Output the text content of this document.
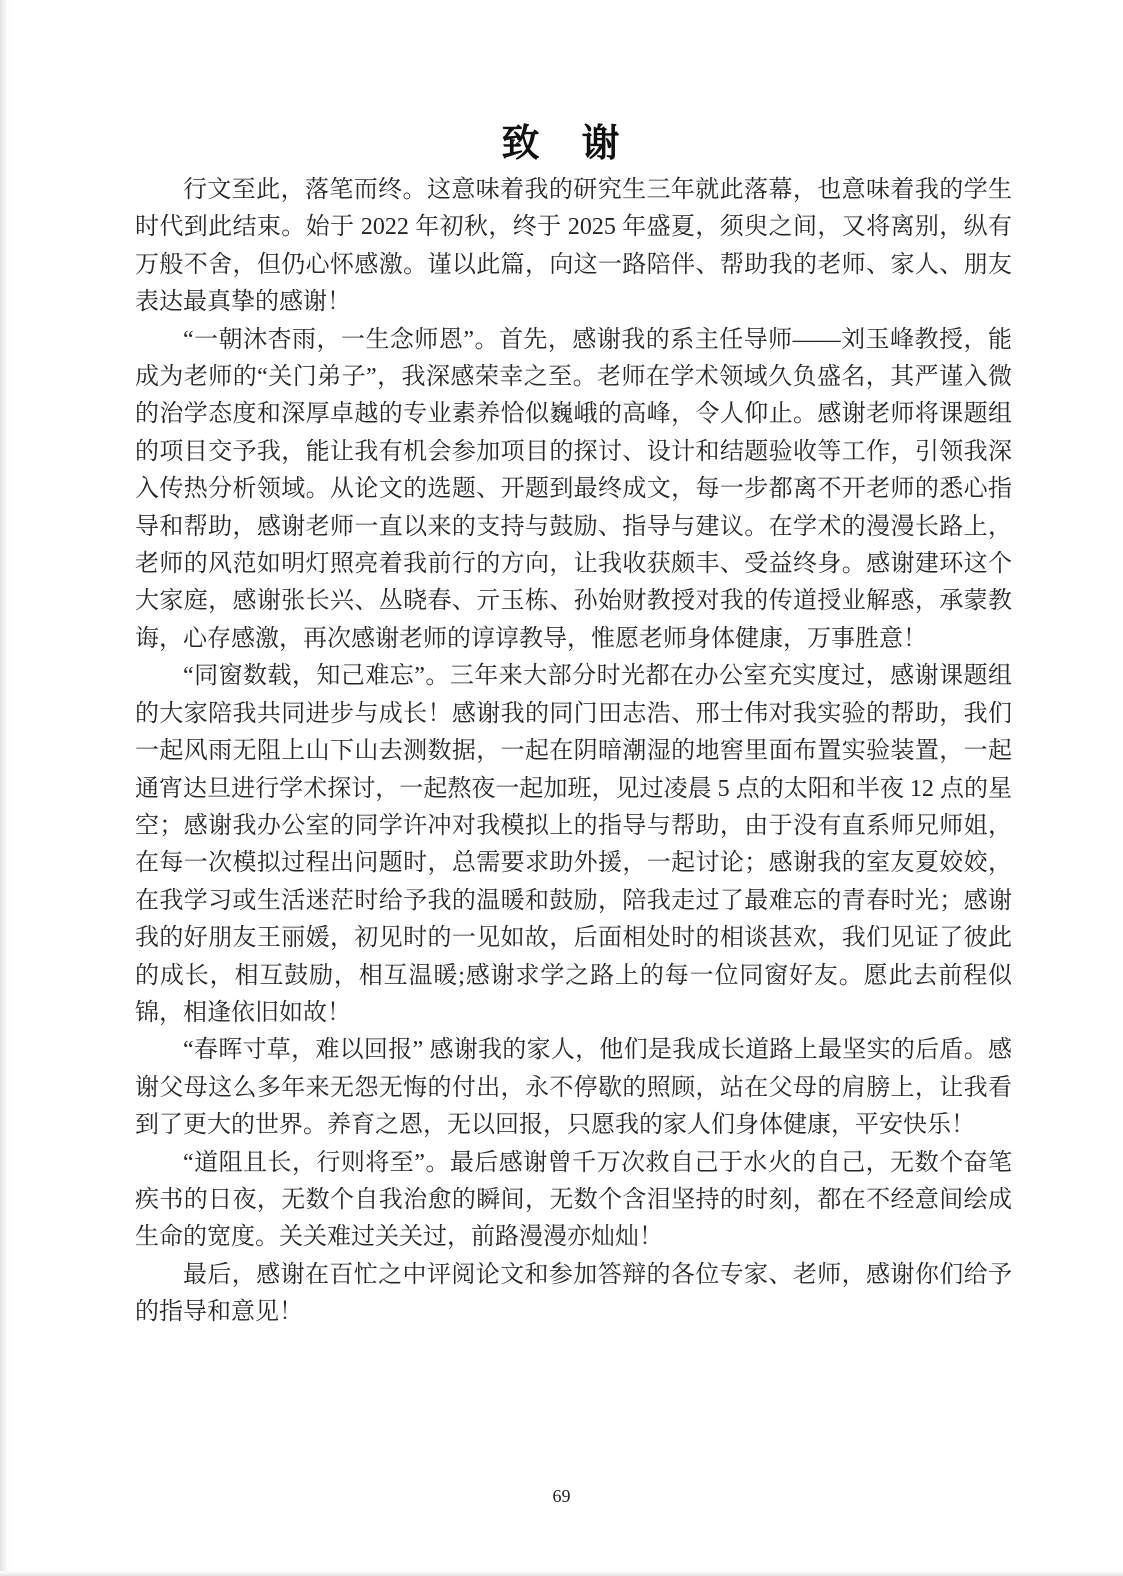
致　谢

行文至此，落笔而终。这意味着我的研究生三年就此落幕，也意味着我的学生时代到此结束。始于 2022 年初秋，终于 2025 年盛夏，须臾之间，又将离别，纵有万般不舍，但仍心怀感激。谨以此篇，向这一路陪伴、帮助我的老师、家人、朋友表达最真挚的感谢！

“一朝沐杏雨，一生念师恩”。首先，感谢我的系主任导师——刘玉峰教授，能成为老师的“关门弟子”，我深感荣幸之至。老师在学术领域久负盛名，其严谨入微的治学态度和深厚卓越的专业素养恰似巍峨的高峰，令人仰止。感谢老师将课题组的项目交予我，能让我有机会参加项目的探讨、设计和结题验收等工作，引领我深入传热分析领域。从论文的选题、开题到最终成文，每一步都离不开老师的悉心指导和帮助，感谢老师一直以来的支持与鼓励、指导与建议。在学术的漫漫长路上，老师的风范如明灯照亮着我前行的方向，让我收获颇丰、受益终身。感谢建环这个大家庭，感谢张长兴、丛晓春、亓玉栋、孙始财教授对我的传道授业解惑，承蒙教诲，心存感激，再次感谢老师的谆谆教导，惟愿老师身体健康，万事胜意！

“同窗数载，知己难忘”。三年来大部分时光都在办公室充实度过，感谢课题组的大家陪我共同进步与成长！感谢我的同门田志浩、邢士伟对我实验的帮助，我们一起风雨无阻上山下山去测数据，一起在阴暗潮湿的地窖里面布置实验装置，一起通宵达旦进行学术探讨，一起熬夜一起加班，见过凌晨 5 点的太阳和半夜 12 点的星空；感谢我办公室的同学许冲对我模拟上的指导与帮助，由于没有直系师兄师姐，在每一次模拟过程出问题时，总需要求助外援，一起讨论；感谢我的室友夏姣姣，在我学习或生活迷茫时给予我的温暖和鼓励，陪我走过了最难忘的青春时光；感谢我的好朋友王丽媛，初见时的一见如故，后面相处时的相谈甚欢，我们见证了彼此的成长，相互鼓励，相互温暖;感谢求学之路上的每一位同窗好友。愿此去前程似锦，相逢依旧如故！

“春晖寸草，难以回报” 感谢我的家人，他们是我成长道路上最坚实的后盾。感谢父母这么多年来无怨无悔的付出，永不停歇的照顾，站在父母的肩膀上，让我看到了更大的世界。养育之恩，无以回报，只愿我的家人们身体健康，平安快乐！

“道阻且长，行则将至”。最后感谢曾千万次救自己于水火的自己，无数个奋笔疾书的日夜，无数个自我治愈的瞬间，无数个含泪坚持的时刻，都在不经意间绘成生命的宽度。关关难过关关过，前路漫漫亦灿灿！

最后，感谢在百忙之中评阅论文和参加答辩的各位专家、老师，感谢你们给予的指导和意见！

69
